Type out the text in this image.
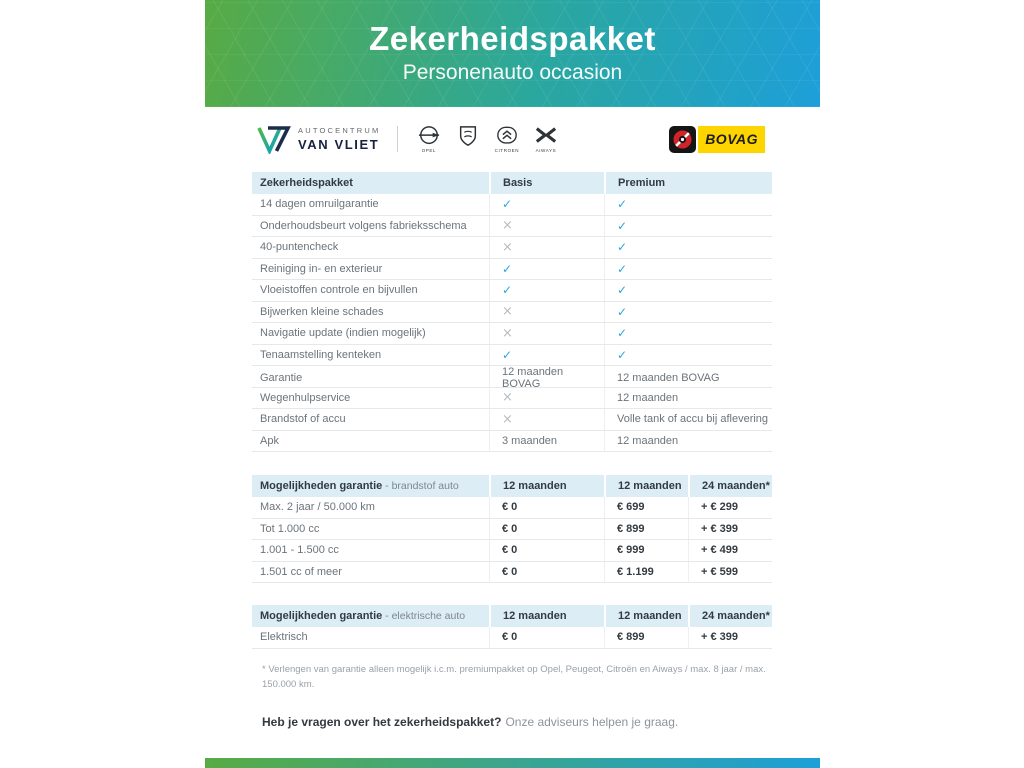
Zekerheidspakket
Personenauto occasion
AUTOCENTRUM
VAN VLIET	OPEL	CITROEN	AIWAYS
BOVAG
Zekerheidspakket	Basis	Premium
14 dagen omruilgarantie	✓	✓
Onderhoudsbeurt volgens fabrieksschema	×	✓
40-puntencheck	×	✓
Reiniging in- en exterieur	✓	✓
Vloeistoffen controle en bijvullen	✓	✓
Bijwerken kleine schades	×	✓
Navigatie update (indien mogelijk)	×	✓
Tenaamstelling kenteken	✓	✓
Garantie	12 maanden BOVAG	12 maanden BOVAG
Wegenhulpservice	×	12 maanden
Brandstof of accu	×	Volle tank of accu bij aflevering
Apk	3 maanden	12 maanden
Mogelijkheden garantie - brandstof auto	12 maanden	12 maanden	24 maanden*
Max. 2 jaar / 50.000 km	€ 0	€ 699	+ € 299
Tot 1.000 cc	€ 0	€ 899	+ € 399
1.001 - 1.500 cc	€ 0	€ 999	+ € 499
1.501 cc of meer	€ 0	€ 1.199	+ € 599
Mogelijkheden garantie - elektrische auto	12 maanden	12 maanden	24 maanden*
Elektrisch	€ 0	€ 899	+ € 399
* Verlengen van garantie alleen mogelijk i.c.m. premiumpakket op Opel, Peugeot, Citroën en Aiways / max. 8 jaar / max. 150.000 km.
Heb je vragen over het zekerheidspakket? Onze adviseurs helpen je graag.
